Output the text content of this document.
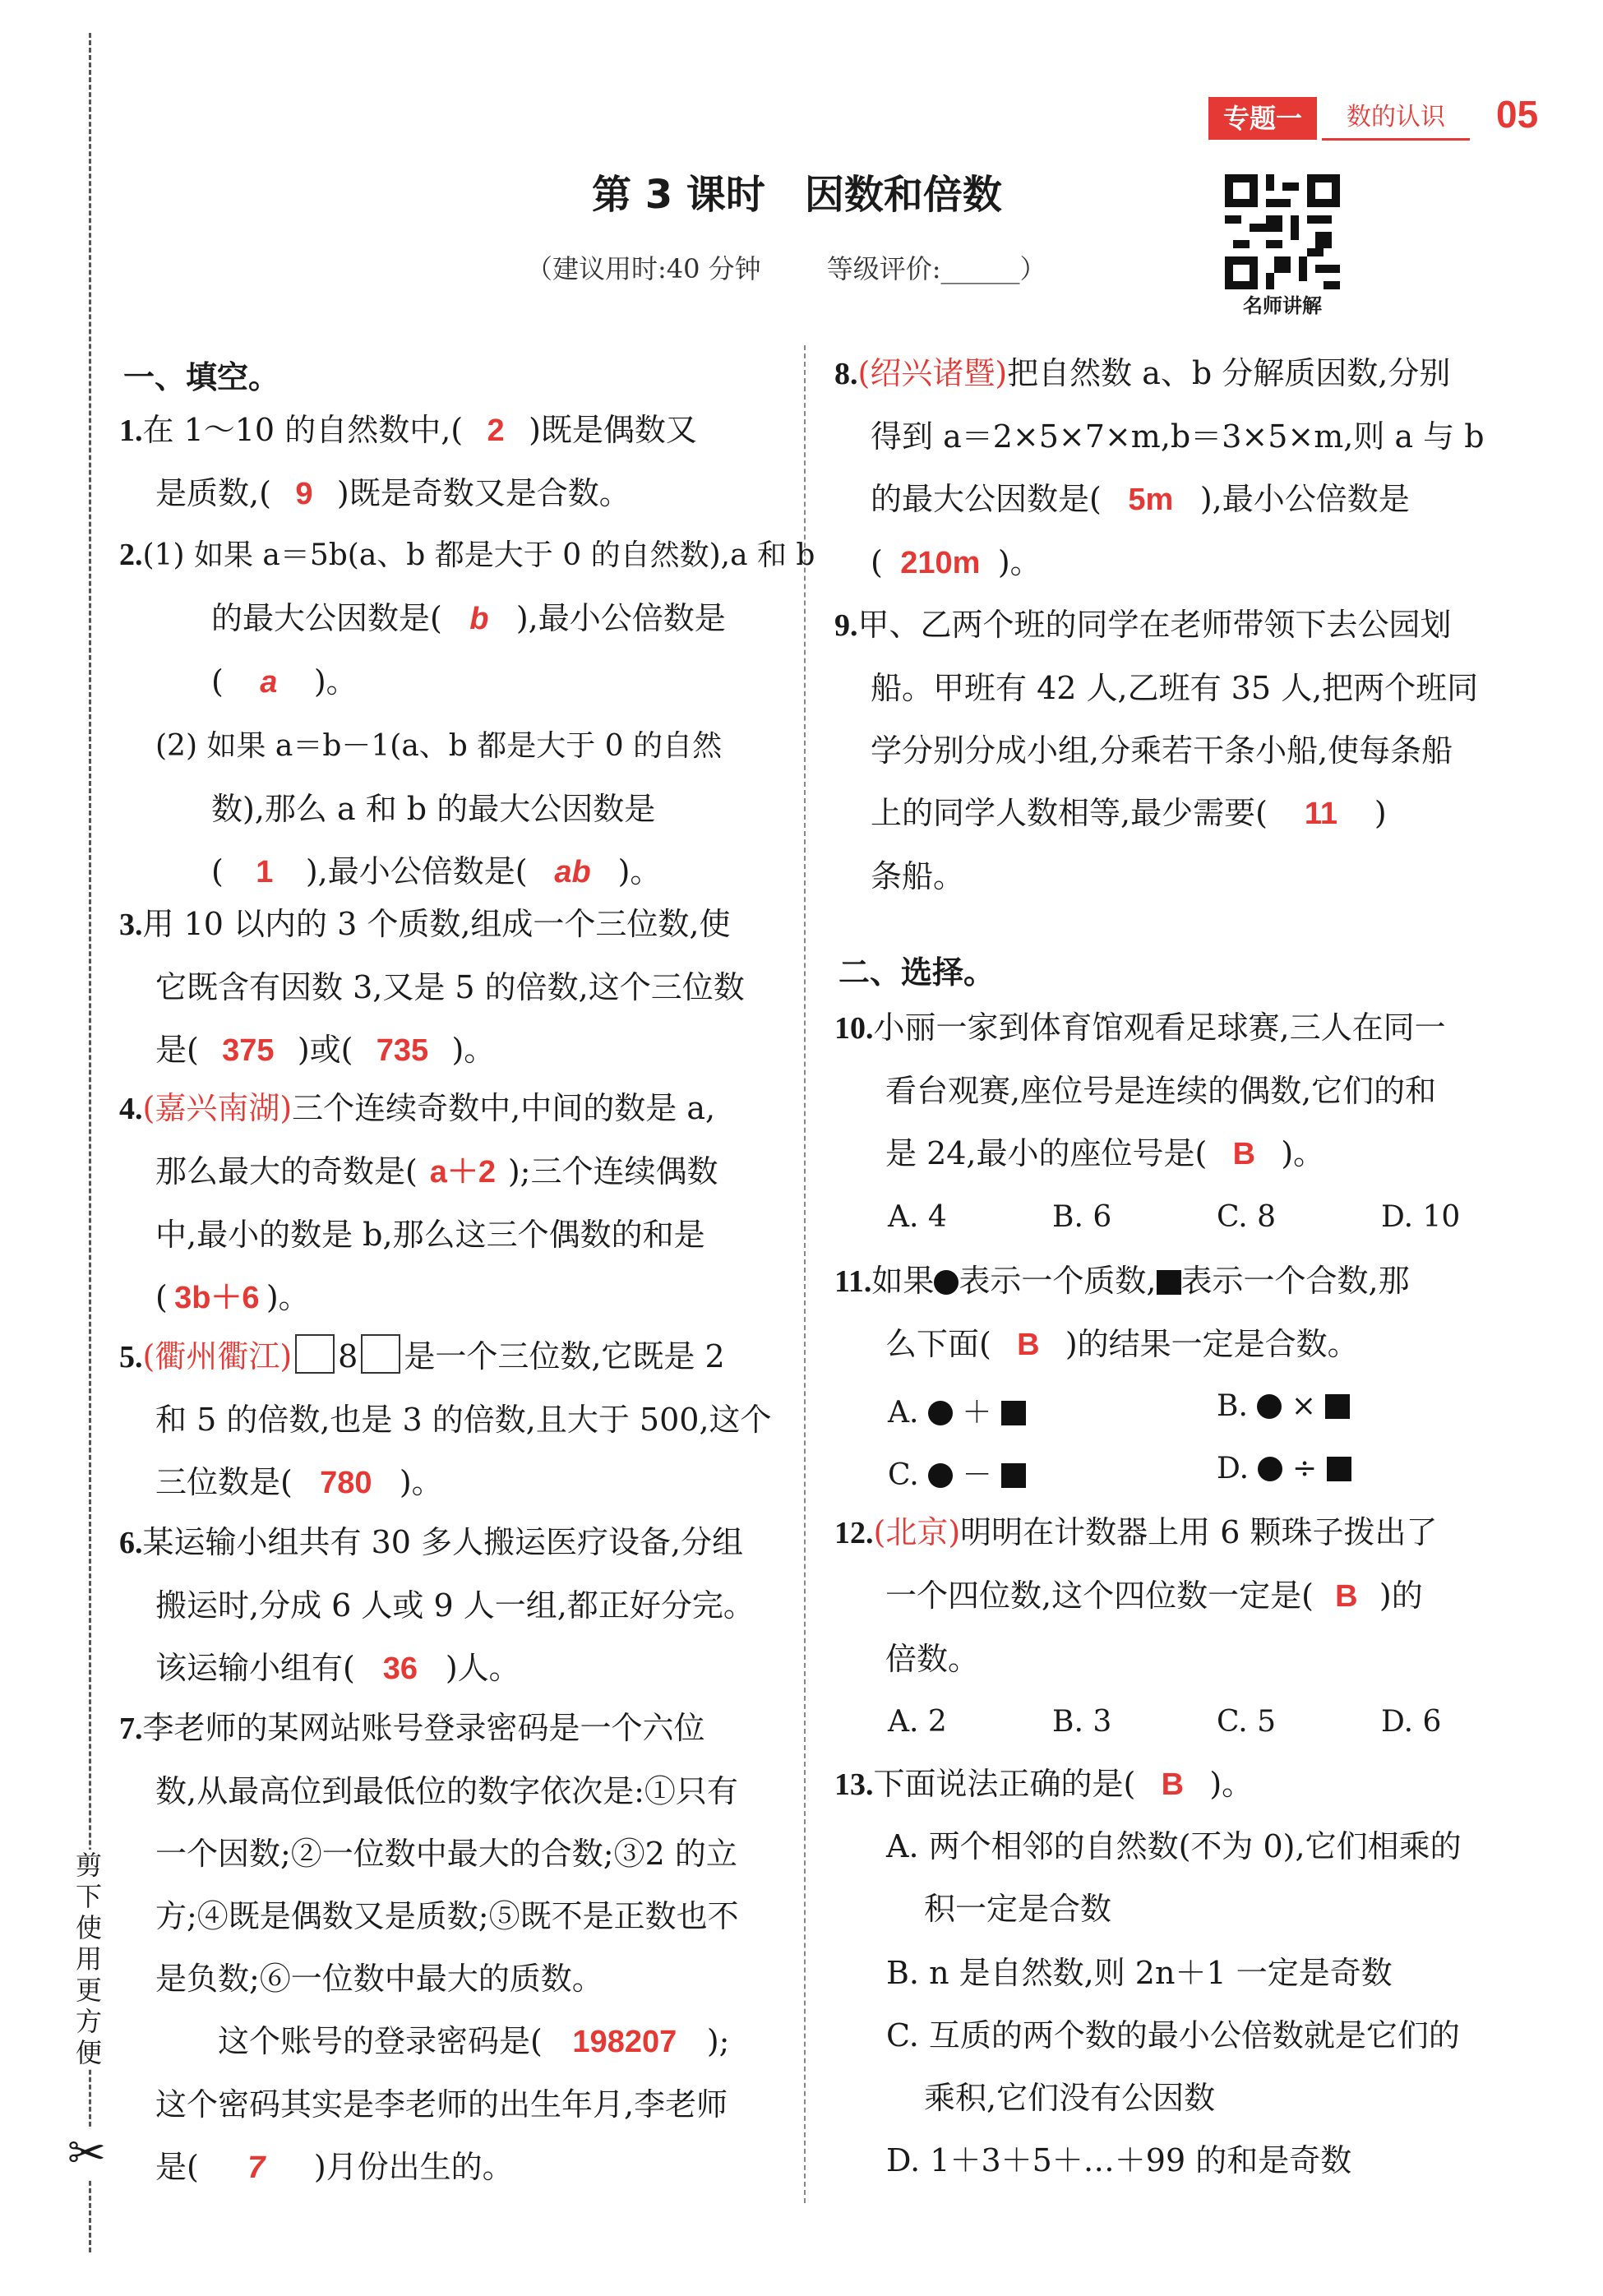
剪下使用更方便
✂
专题一	数的认识	05
第 3 课时　因数和倍数
（建议用时:40 分钟	等级评价:______）
名师讲解
一、填空。
1.在 1～10 的自然数中,( 2 )既是偶数又
是质数,( 9 )既是奇数又是合数。
2.(1) 如果 a＝5b(a、b 都是大于 0 的自然数),a 和 b
的最大公因数是( b ),最小公倍数是
( a )。
(2) 如果 a＝b－1(a、b 都是大于 0 的自然
数),那么 a 和 b 的最大公因数是
( 1 ),最小公倍数是( ab )。
3.用 10 以内的 3 个质数,组成一个三位数,使
它既含有因数 3,又是 5 的倍数,这个三位数
是( 375 )或( 735 )。
4.(嘉兴南湖)三个连续奇数中,中间的数是 a,
那么最大的奇数是( a＋2 );三个连续偶数
中,最小的数是 b,那么这三个偶数的和是
( 3b＋6 )。
5.(衢州衢江) 8 是一个三位数,它既是 2
和 5 的倍数,也是 3 的倍数,且大于 500,这个
三位数是( 780 )。
6.某运输小组共有 30 多人搬运医疗设备,分组
搬运时,分成 6 人或 9 人一组,都正好分完。
该运输小组有( 36 )人。
7.李老师的某网站账号登录密码是一个六位
数,从最高位到最低位的数字依次是:①只有
一个因数;②一位数中最大的合数;③2 的立
方;④既是偶数又是质数;⑤既不是正数也不
是负数;⑥一位数中最大的质数。
这个账号的登录密码是( 198207 );
这个密码其实是李老师的出生年月,李老师
是( 7 )月份出生的。
8.(绍兴诸暨)把自然数 a、b 分解质因数,分别
得到 a＝2×5×7×m,b＝3×5×m,则 a 与 b
的最大公因数是( 5m ),最小公倍数是
( 210m )。
9.甲、乙两个班的同学在老师带领下去公园划
船。甲班有 42 人,乙班有 35 人,把两个班同
学分别分成小组,分乘若干条小船,使每条船
上的同学人数相等,最少需要( 11 )
条船。
二、选择。
10.小丽一家到体育馆观看足球赛,三人在同一
看台观赛,座位号是连续的偶数,它们的和
是 24,最小的座位号是( B )。
A. 4	B. 6	C. 8	D. 10
11.如果 表示一个质数, 表示一个合数,那
么下面( B )的结果一定是合数。
A. ＋	B. ×
C. －	D. ÷
12.(北京)明明在计数器上用 6 颗珠子拨出了
一个四位数,这个四位数一定是( B )的
倍数。
A. 2	B. 3	C. 5	D. 6
13.下面说法正确的是( B )。
A. 两个相邻的自然数(不为 0),它们相乘的
积一定是合数
B. n 是自然数,则 2n＋1 一定是奇数
C. 互质的两个数的最小公倍数就是它们的
乘积,它们没有公因数
D. 1＋3＋5＋…＋99 的和是奇数
